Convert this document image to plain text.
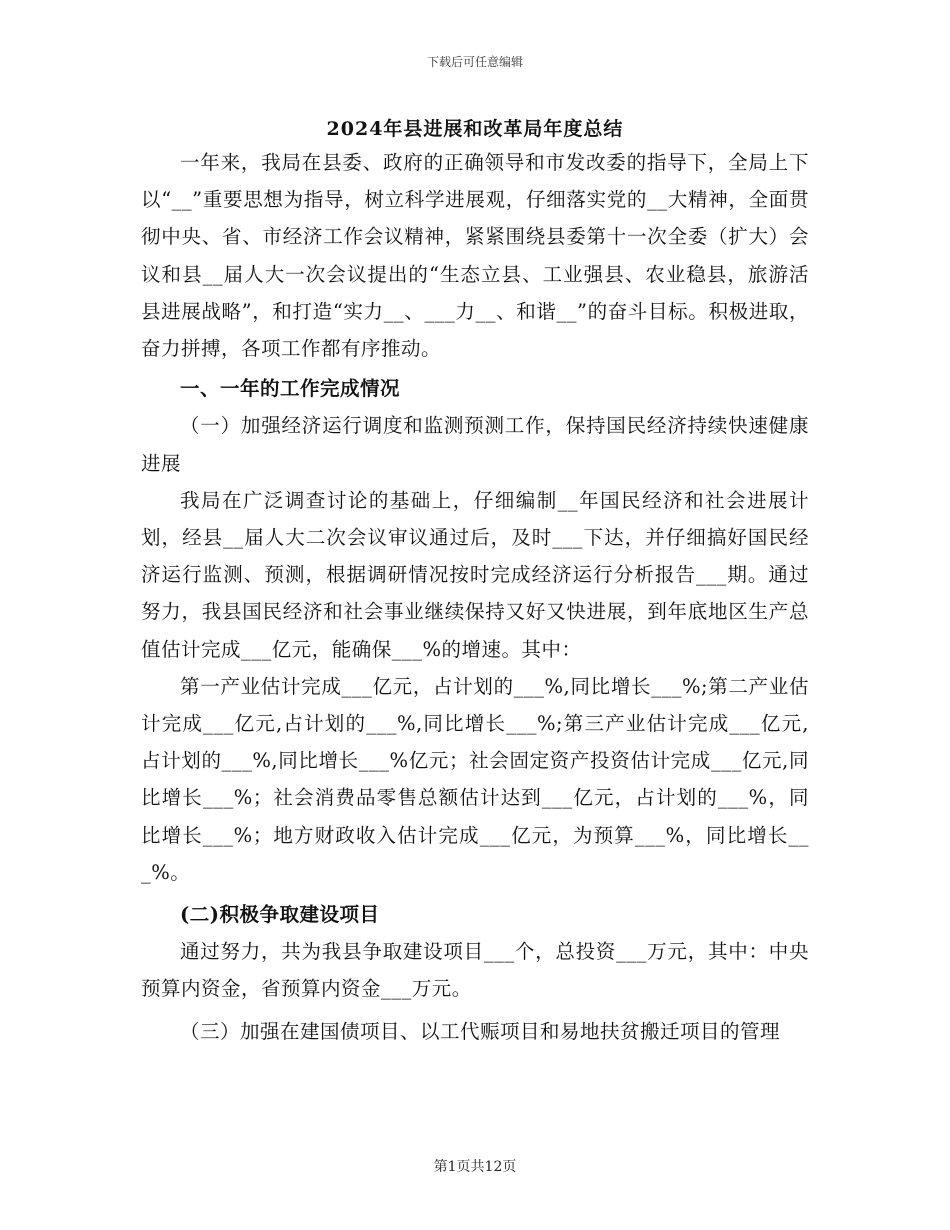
下载后可任意编辑
2024年县进展和改革局年度总结

一年来，我局在县委、政府的正确领导和市发改委的指导下，全局上下以“__”重要思想为指导，树立科学进展观，仔细落实党的__大精神，全面贯彻中央、省、市经济工作会议精神，紧紧围绕县委第十一次全委（扩大）会议和县__届人大一次会议提出的“生态立县、工业强县、农业稳县，旅游活县进展战略”，和打造“实力__、___力__、和谐__”的奋斗目标。积极进取，奋力拼搏，各项工作都有序推动。

一、一年的工作完成情况

（一）加强经济运行调度和监测预测工作，保持国民经济持续快速健康进展

我局在广泛调查讨论的基础上，仔细编制__年国民经济和社会进展计划，经县__届人大二次会议审议通过后，及时___下达，并仔细搞好国民经济运行监测、预测，根据调研情况按时完成经济运行分析报告___期。通过努力，我县国民经济和社会事业继续保持又好又快进展，到年底地区生产总值估计完成___亿元，能确保___%的增速。其中：

第一产业估计完成___亿元，占计划的___%,同比增长___%;第二产业估计完成___亿元,占计划的___%,同比增长___%;第三产业估计完成___亿元,占计划的___%,同比增长___%亿元；社会固定资产投资估计完成___亿元,同比增长___%；社会消费品零售总额估计达到___亿元，占计划的___%，同比增长___%；地方财政收入估计完成___亿元，为预算___%，同比增长___%。

(二)积极争取建设项目

通过努力，共为我县争取建设项目___个，总投资___万元，其中：中央预算内资金，省预算内资金___万元。

（三）加强在建国债项目、以工代赈项目和易地扶贫搬迁项目的管理

第1页共12页
